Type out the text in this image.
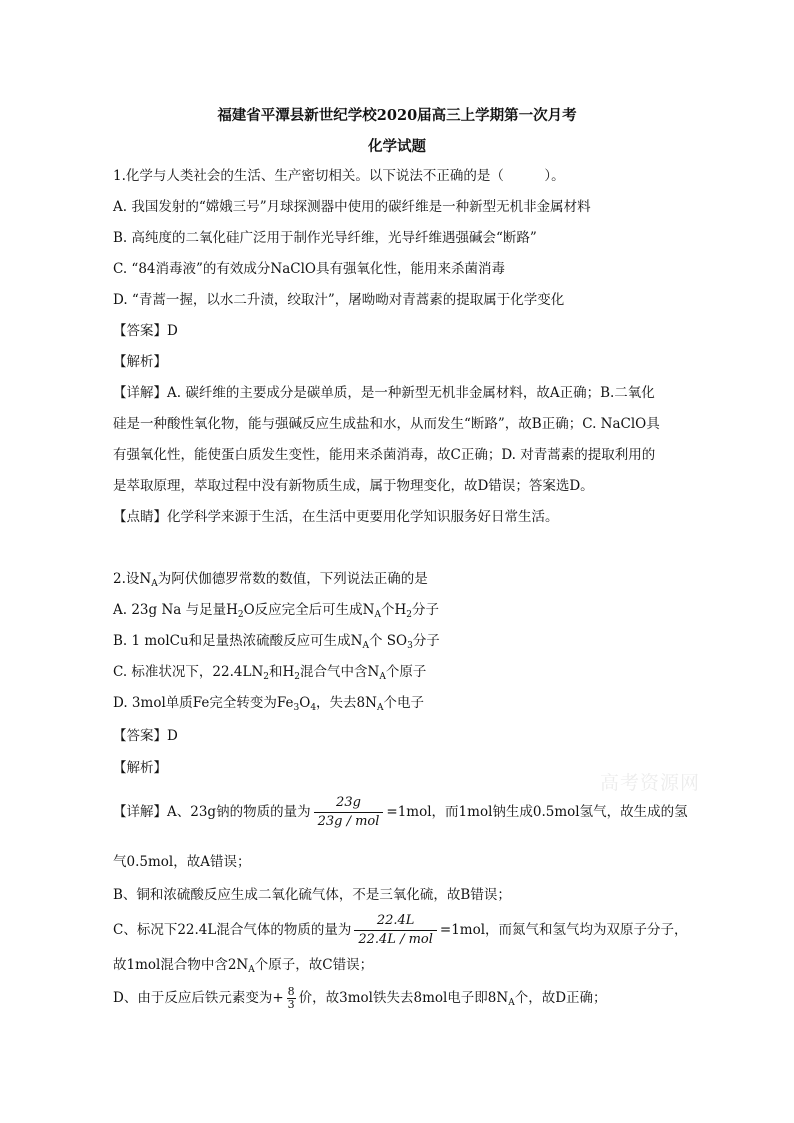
福建省平潭县新世纪学校2020届高三上学期第一次月考
化学试题
1.化学与人类社会的生活、生产密切相关。以下说法不正确的是（　　　）。
A. 我国发射的“嫦娥三号”月球探测器中使用的碳纤维是一种新型无机非金属材料
B. 高纯度的二氧化硅广泛用于制作光导纤维，光导纤维遇强碱会“断路”
C. “84消毒液”的有效成分NaClO具有强氧化性，能用来杀菌消毒
D. “青蒿一握，以水二升渍，绞取汁”，屠呦呦对青蒿素的提取属于化学变化
【答案】D
【解析】
【详解】A. 碳纤维的主要成分是碳单质，是一种新型无机非金属材料，故A正确；B.二氧化
硅是一种酸性氧化物，能与强碱反应生成盐和水，从而发生“断路”，故B正确；C. NaClO具
有强氧化性，能使蛋白质发生变性，能用来杀菌消毒，故C正确；D. 对青蒿素的提取利用的
是萃取原理，萃取过程中没有新物质生成，属于物理变化，故D错误；答案选D。
【点睛】化学科学来源于生活，在生活中更要用化学知识服务好日常生活。
2.设$N_A$为阿伏伽德罗常数的数值，下列说法正确的是
A. 23g Na 与足量$H_2O$反应完全后可生成$N_A$个$H_2$分子
B. 1 molCu和足量热浓硫酸反应可生成$N_A$个 $SO_3$分子
C. 标准状况下，$22.4LN_2$和$H_2$混合气中含$N_A$个原子
D. 3mol单质Fe完全转变为$Fe_3O_4$，失去$8N_A$个电子
【答案】D
【解析】
【详解】A、23g钠的物质的量为 $\frac{23g}{\text{23g / mol}} =1mol$，而1mol钠生成0.5mol氢气，故生成的氢
气0.5mol，故A错误；
B、铜和浓硫酸反应生成二氧化硫气体，不是三氧化硫，故B错误；
C、标况下22.4L混合气体的物质的量为 $\frac{22.4L}{\text{22.4L / mol}} =1mol$，而氮气和氢气均为双原子分子，
故1mol混合物中含$2N_A$个原子，故C错误；
D、由于反应后铁元素变为+ $\frac{8}{3}$ 价，故3mol铁失去8mol电子即$8N_A$个，故D正确；
高考资源网
